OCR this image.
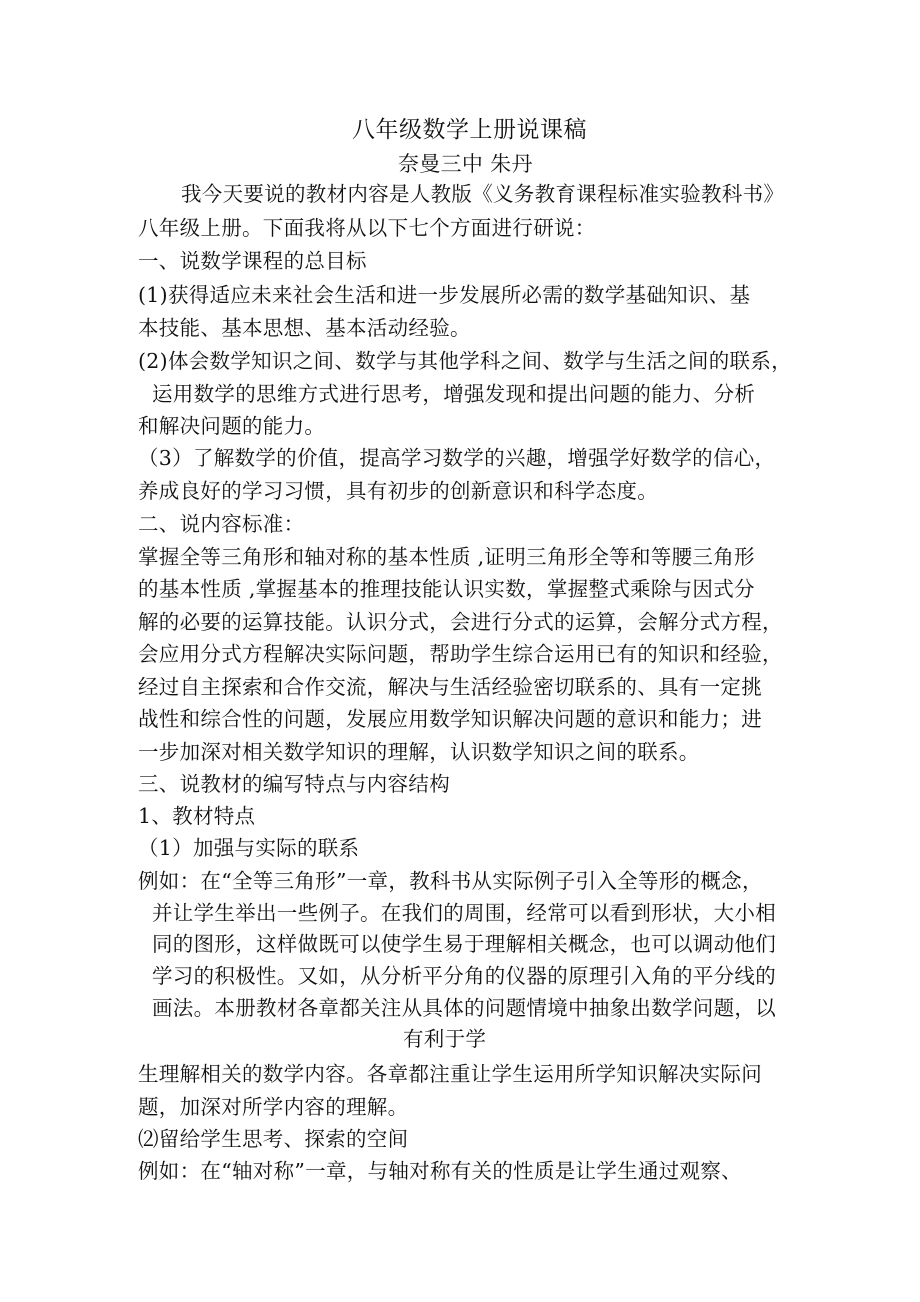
八年级数学上册说课稿
奈曼三中 朱丹
我今天要说的教材内容是人教版《义务教育课程标准实验教科书》
八年级上册。下面我将从以下七个方面进行研说：
一、说数学课程的总目标
(1)获得适应未来社会生活和进一步发展所必需的数学基础知识、基
本技能、基本思想、基本活动经验。
(2)体会数学知识之间、数学与其他学科之间、数学与生活之间的联系，
运用数学的思维方式进行思考，增强发现和提出问题的能力、分析
和解决问题的能力。
（3）了解数学的价值，提高学习数学的兴趣，增强学好数学的信心，
养成良好的学习习惯，具有初步的创新意识和科学态度。
二、说内容标准：
掌握全等三角形和轴对称的基本性质 ,证明三角形全等和等腰三角形
的基本性质 ,掌握基本的推理技能认识实数，掌握整式乘除与因式分
解的必要的运算技能。认识分式，会进行分式的运算，会解分式方程，
会应用分式方程解决实际问题，帮助学生综合运用已有的知识和经验，
经过自主探索和合作交流，解决与生活经验密切联系的、具有一定挑
战性和综合性的问题，发展应用数学知识解决问题的意识和能力；进
一步加深对相关数学知识的理解，认识数学知识之间的联系。
三、说教材的编写特点与内容结构
1、教材特点
（1）加强与实际的联系
例如：在“全等三角形”一章，教科书从实际例子引入全等形的概念，
并让学生举出一些例子。在我们的周围，经常可以看到形状，大小相
同的图形，这样做既可以使学生易于理解相关概念，也可以调动他们
学习的积极性。又如，从分析平分角的仪器的原理引入角的平分线的
画法。本册教材各章都关注从具体的问题情境中抽象出数学问题，以
有利于学
生理解相关的数学内容。各章都注重让学生运用所学知识解决实际问
题，加深对所学内容的理解。
⑵留给学生思考、探索的空间
例如：在“轴对称”一章，与轴对称有关的性质是让学生通过观察、
